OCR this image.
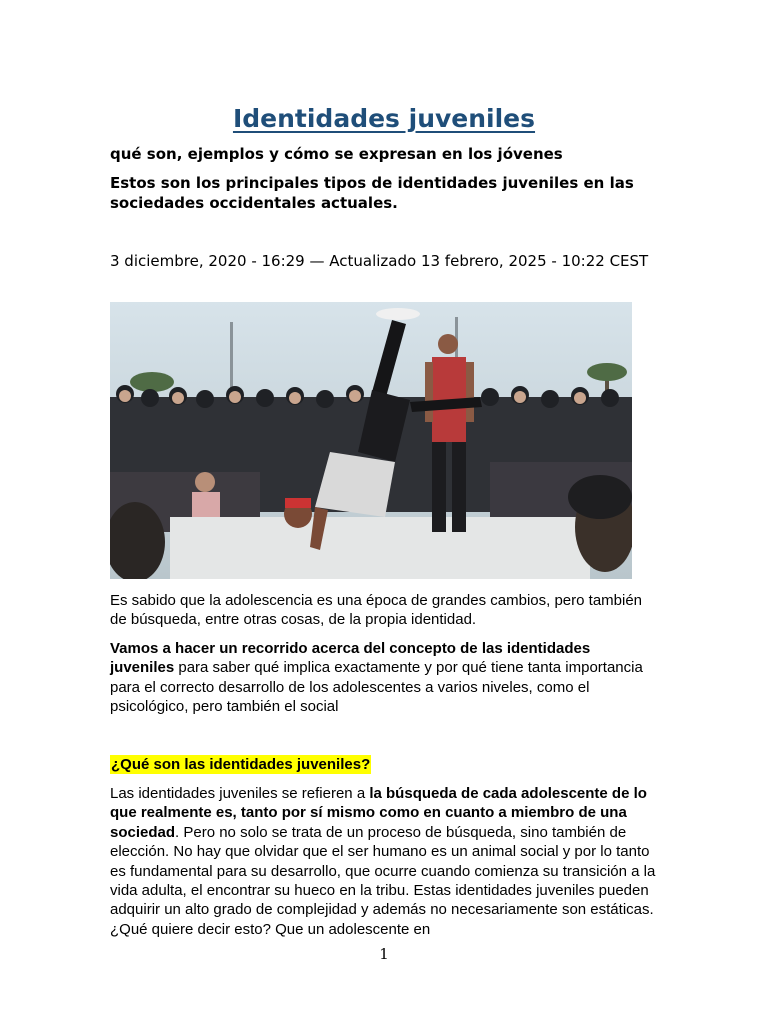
Identidades juveniles

qué son, ejemplos y cómo se expresan en los jóvenes

Estos son los principales tipos de identidades juveniles en las sociedades occidentales actuales.

3 diciembre, 2020 - 16:29 — Actualizado 13 febrero, 2025 - 10:22 CEST

Es sabido que la adolescencia es una época de grandes cambios, pero también de búsqueda, entre otras cosas, de la propia identidad.

Vamos a hacer un recorrido acerca del concepto de las identidades juveniles para saber qué implica exactamente y por qué tiene tanta importancia para el correcto desarrollo de los adolescentes a varios niveles, como el psicológico, pero también el social

¿Qué son las identidades juveniles?

Las identidades juveniles se refieren a la búsqueda de cada adolescente de lo que realmente es, tanto por sí mismo como en cuanto a miembro de una sociedad. Pero no solo se trata de un proceso de búsqueda, sino también de elección. No hay que olvidar que el ser humano es un animal social y por lo tanto es fundamental para su desarrollo, que ocurre cuando comienza su transición a la vida adulta, el encontrar su hueco en la tribu. Estas identidades juveniles pueden adquirir un alto grado de complejidad y además no necesariamente son estáticas. ¿Qué quiere decir esto? Que un adolescente en

1
